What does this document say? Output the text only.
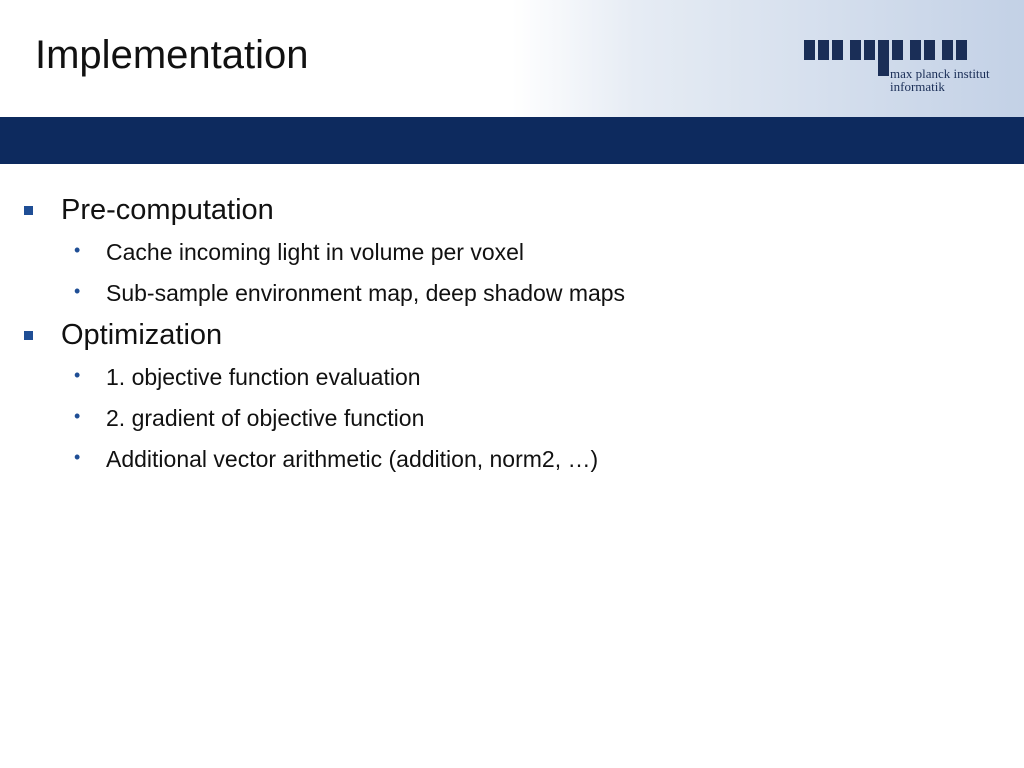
Implementation	max planck institut
informatik
Oliver Klehm, 17
Pre-computation
• Cache incoming light in volume per voxel
• Sub-sample environment map, deep shadow maps
Optimization
• 1. objective function evaluation
• 2. gradient of objective function
• Additional vector arithmetic (addition, norm2, …)
